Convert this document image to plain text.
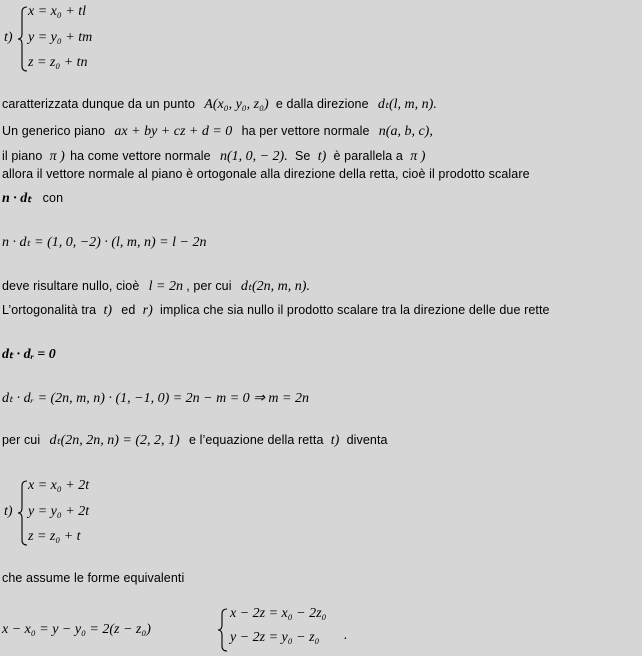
t)
x = x₀ + tl
y = y₀ + tm
z = z₀ + tn
caratterizzata dunque da un punto A(x₀, y₀, z₀) e dalla direzione dₜ(l, m, n).
Un generico piano ax + by + cz + d = 0 ha per vettore normale n(a, b, c),
il piano π ) ha come vettore normale n(1, 0, − 2). Se t) è parallela a π )
allora il vettore normale al piano è ortogonale alla direzione della retta, cioè il prodotto scalare
n · dₜ con
n · dₜ = (1, 0, −2) · (l, m, n) = l − 2n
deve risultare nullo, cioè l = 2n , per cui dₜ(2n, m, n).
L’ortogonalità tra t) ed r) implica che sia nullo il prodotto scalare tra la direzione delle due rette
dₜ · dᵣ = 0
dₜ · dᵣ = (2n, m, n) · (1, −1, 0) = 2n − m = 0 ⇒ m = 2n
per cui dₜ(2n, 2n, n) = (2, 2, 1) e l’equazione della retta t) diventa
t)
x = x₀ + 2t
y = y₀ + 2t
z = z₀ + t
che assume le forme equivalenti
x − x₀ = y − y₀ = 2(z − z₀)
x − 2z = x₀ − 2z₀
y − 2z = y₀ − z₀ .
